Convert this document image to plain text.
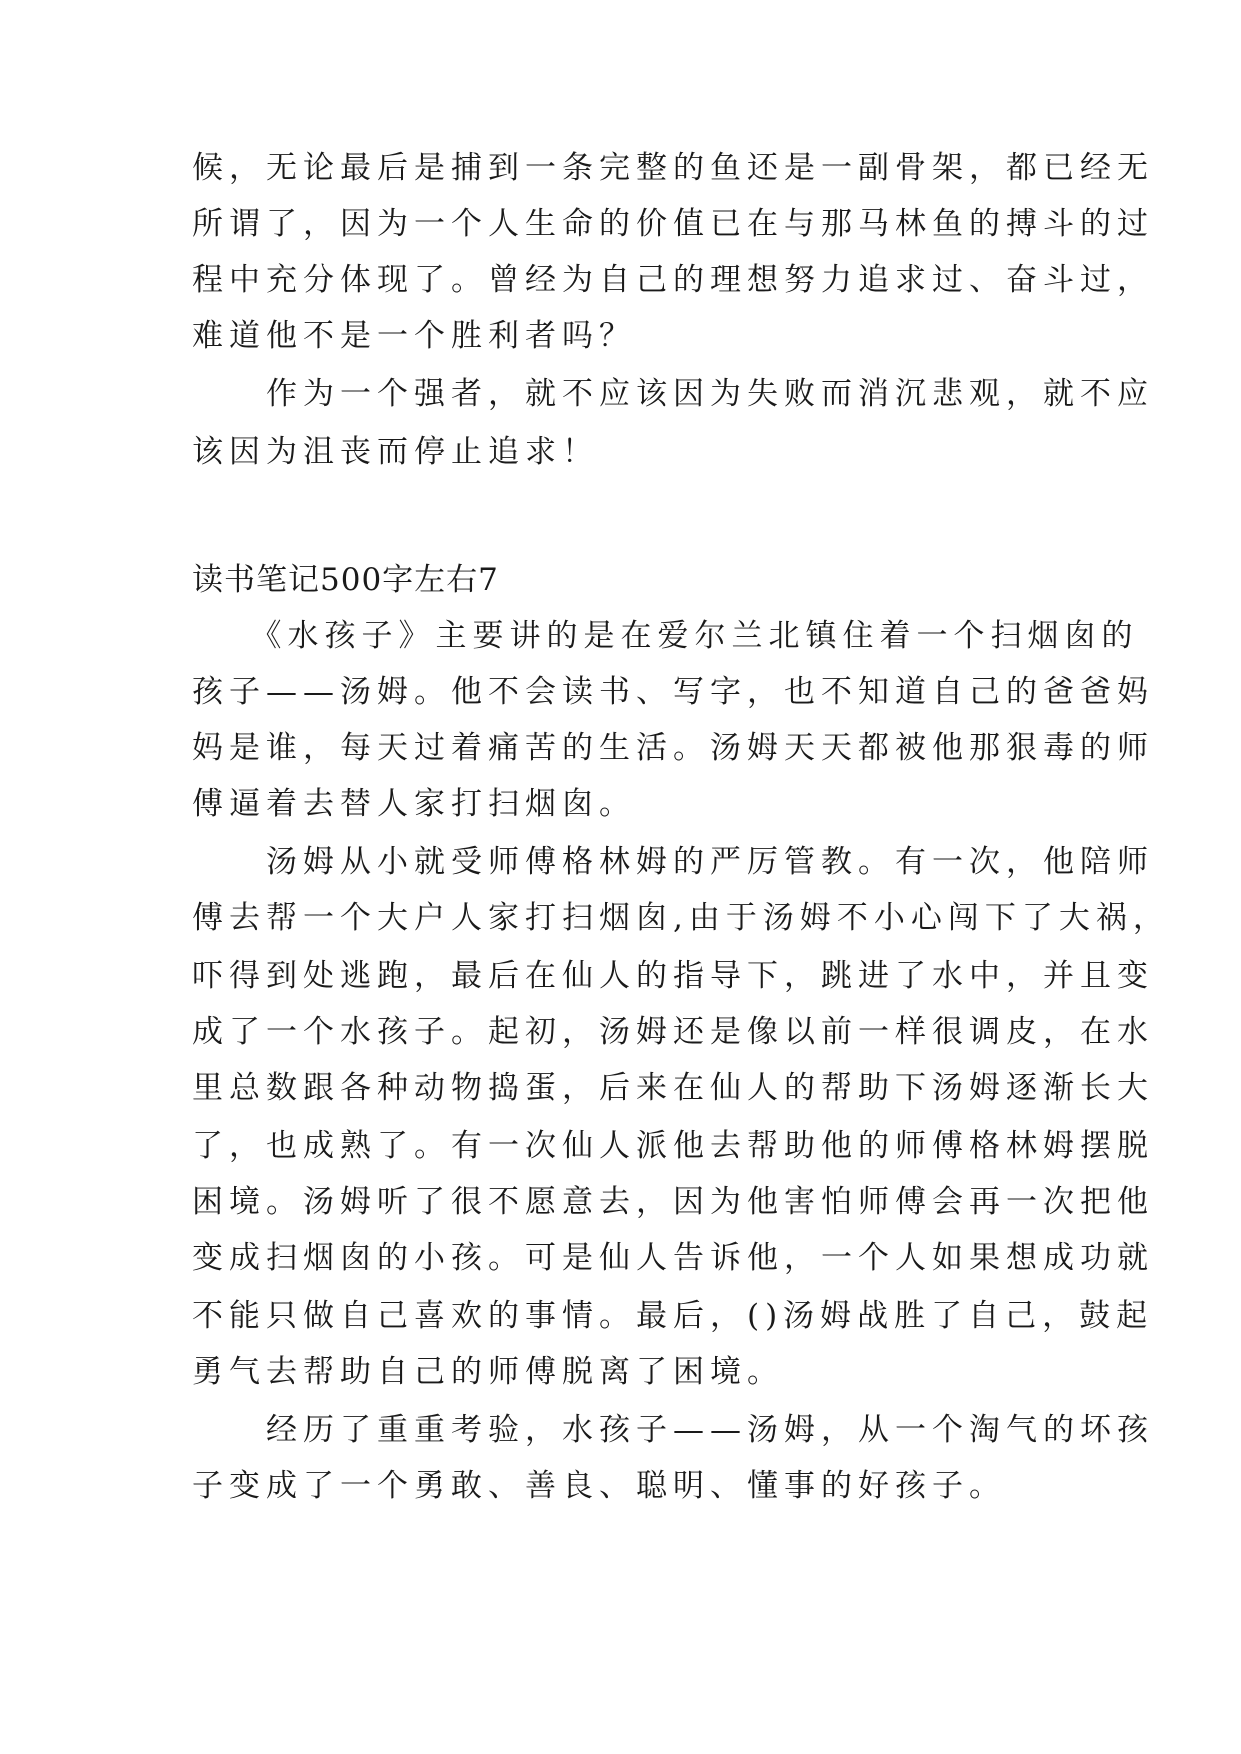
候，无论最后是捕到一条完整的鱼还是一副骨架，都已经无
所谓了，因为一个人生命的价值已在与那马林鱼的搏斗的过
程中充分体现了。曾经为自己的理想努力追求过、奋斗过，
难道他不是一个胜利者吗？
　　作为一个强者，就不应该因为失败而消沉悲观，就不应
该因为沮丧而停止追求！
读书笔记500字左右7
　　《水孩子》主要讲的是在爱尔兰北镇住着一个扫烟囱的
孩子——汤姆。他不会读书、写字，也不知道自己的爸爸妈
妈是谁，每天过着痛苦的生活。汤姆天天都被他那狠毒的师
傅逼着去替人家打扫烟囱。
　　汤姆从小就受师傅格林姆的严厉管教。有一次，他陪师
傅去帮一个大户人家打扫烟囱,由于汤姆不小心闯下了大祸，
吓得到处逃跑，最后在仙人的指导下，跳进了水中，并且变
成了一个水孩子。起初，汤姆还是像以前一样很调皮，在水
里总数跟各种动物捣蛋，后来在仙人的帮助下汤姆逐渐长大
了，也成熟了。有一次仙人派他去帮助他的师傅格林姆摆脱
困境。汤姆听了很不愿意去，因为他害怕师傅会再一次把他
变成扫烟囱的小孩。可是仙人告诉他，一个人如果想成功就
不能只做自己喜欢的事情。最后，()汤姆战胜了自己，鼓起
勇气去帮助自己的师傅脱离了困境。
　　经历了重重考验，水孩子——汤姆，从一个淘气的坏孩
子变成了一个勇敢、善良、聪明、懂事的好孩子。
